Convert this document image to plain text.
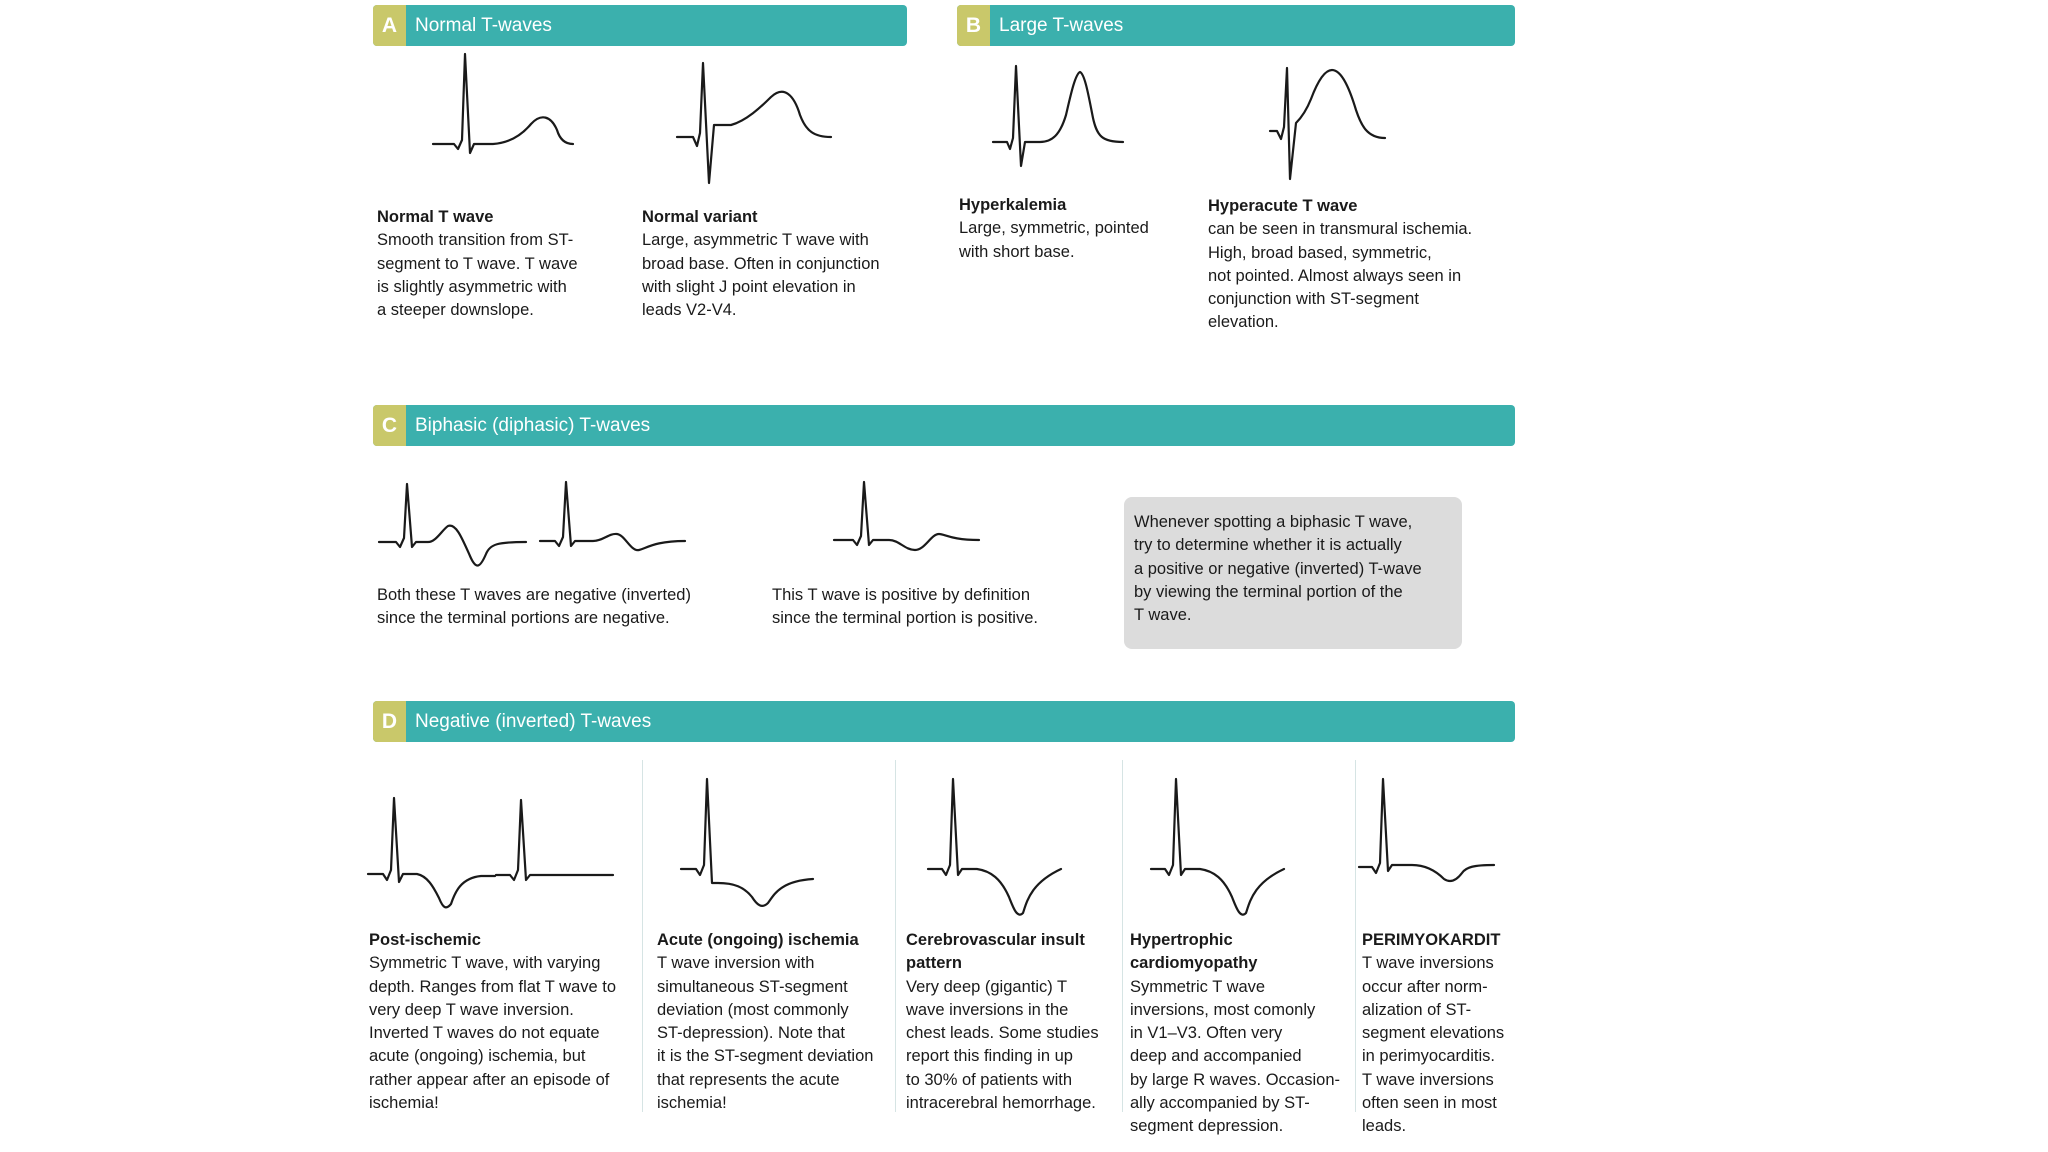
A Normal T-waves	B Large T-waves
Normal T wave
Smooth transition from ST-
segment to T wave. T wave
is slightly asymmetric with
a steeper downslope.
Normal variant
Large, asymmetric T wave with
broad base. Often in conjunction
with slight J point elevation in
leads V2-V4.
Hyperkalemia
Large, symmetric, pointed
with short base.
Hyperacute T wave
can be seen in transmural ischemia.
High, broad based, symmetric,
not pointed. Almost always seen in
conjunction with ST-segment
elevation.
C Biphasic (diphasic) T-waves
Both these T waves are negative (inverted)
since the terminal portions are negative.
This T wave is positive by definition
since the terminal portion is positive.
Whenever spotting a biphasic T wave,
try to determine whether it is actually
a positive or negative (inverted) T-wave
by viewing the terminal portion of the
T wave.
D Negative (inverted) T-waves
Post-ischemic
Symmetric T wave, with varying
depth. Ranges from flat T wave to
very deep T wave inversion.
Inverted T waves do not equate
acute (ongoing) ischemia, but
rather appear after an episode of
ischemia!
Acute (ongoing) ischemia
T wave inversion with
simultaneous ST-segment
deviation (most commonly
ST-depression). Note that
it is the ST-segment deviation
that represents the acute
ischemia!
Cerebrovascular insult
pattern
Very deep (gigantic) T
wave inversions in the
chest leads. Some studies
report this finding in up
to 30% of patients with
intracerebral hemorrhage.
Hypertrophic
cardiomyopathy
Symmetric T wave
inversions, most comonly
in V1–V3. Often very
deep and accompanied
by large R waves. Occasion-
ally accompanied by ST-
segment depression.
PERIMYOKARDIT
T wave inversions
occur after norm-
alization of ST-
segment elevations
in perimyocarditis.
T wave inversions
often seen in most
leads.
